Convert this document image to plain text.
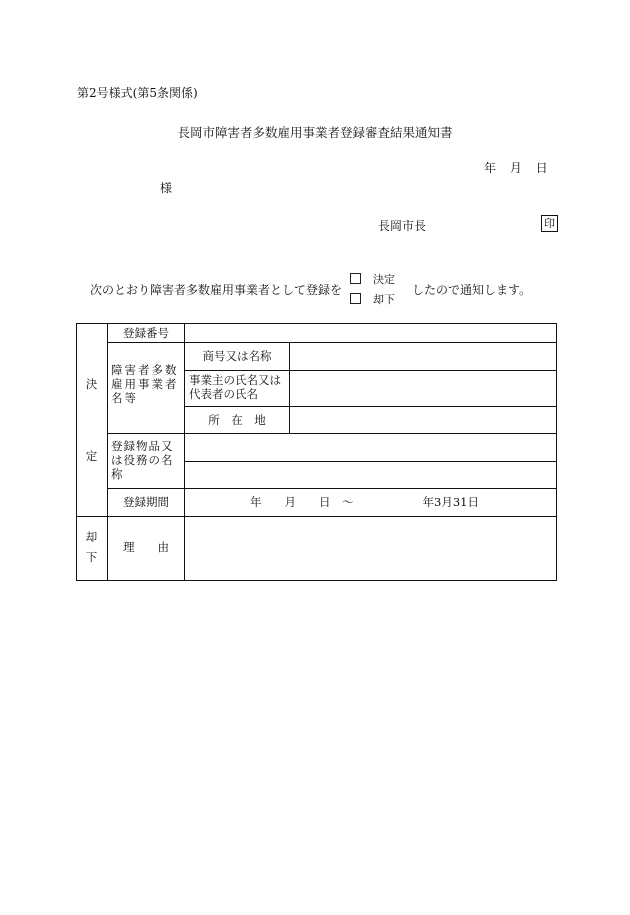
第2号様式(第5条関係)
長岡市障害者多数雇用事業者登録審査結果通知書
年 月 日
様
長岡市長	印
次のとおり障害者多数雇用事業者として登録を
決定
却下
したので通知します。
決
定
却
下
登録番号
障害者多数雇用事業者名等
商号又は名称
事業主の氏名又は代表者の氏名
所　在　地
登録物品又は役務の名称
登録期間	年　　月　　日　～　　　　　　年3月31日
理　　由
